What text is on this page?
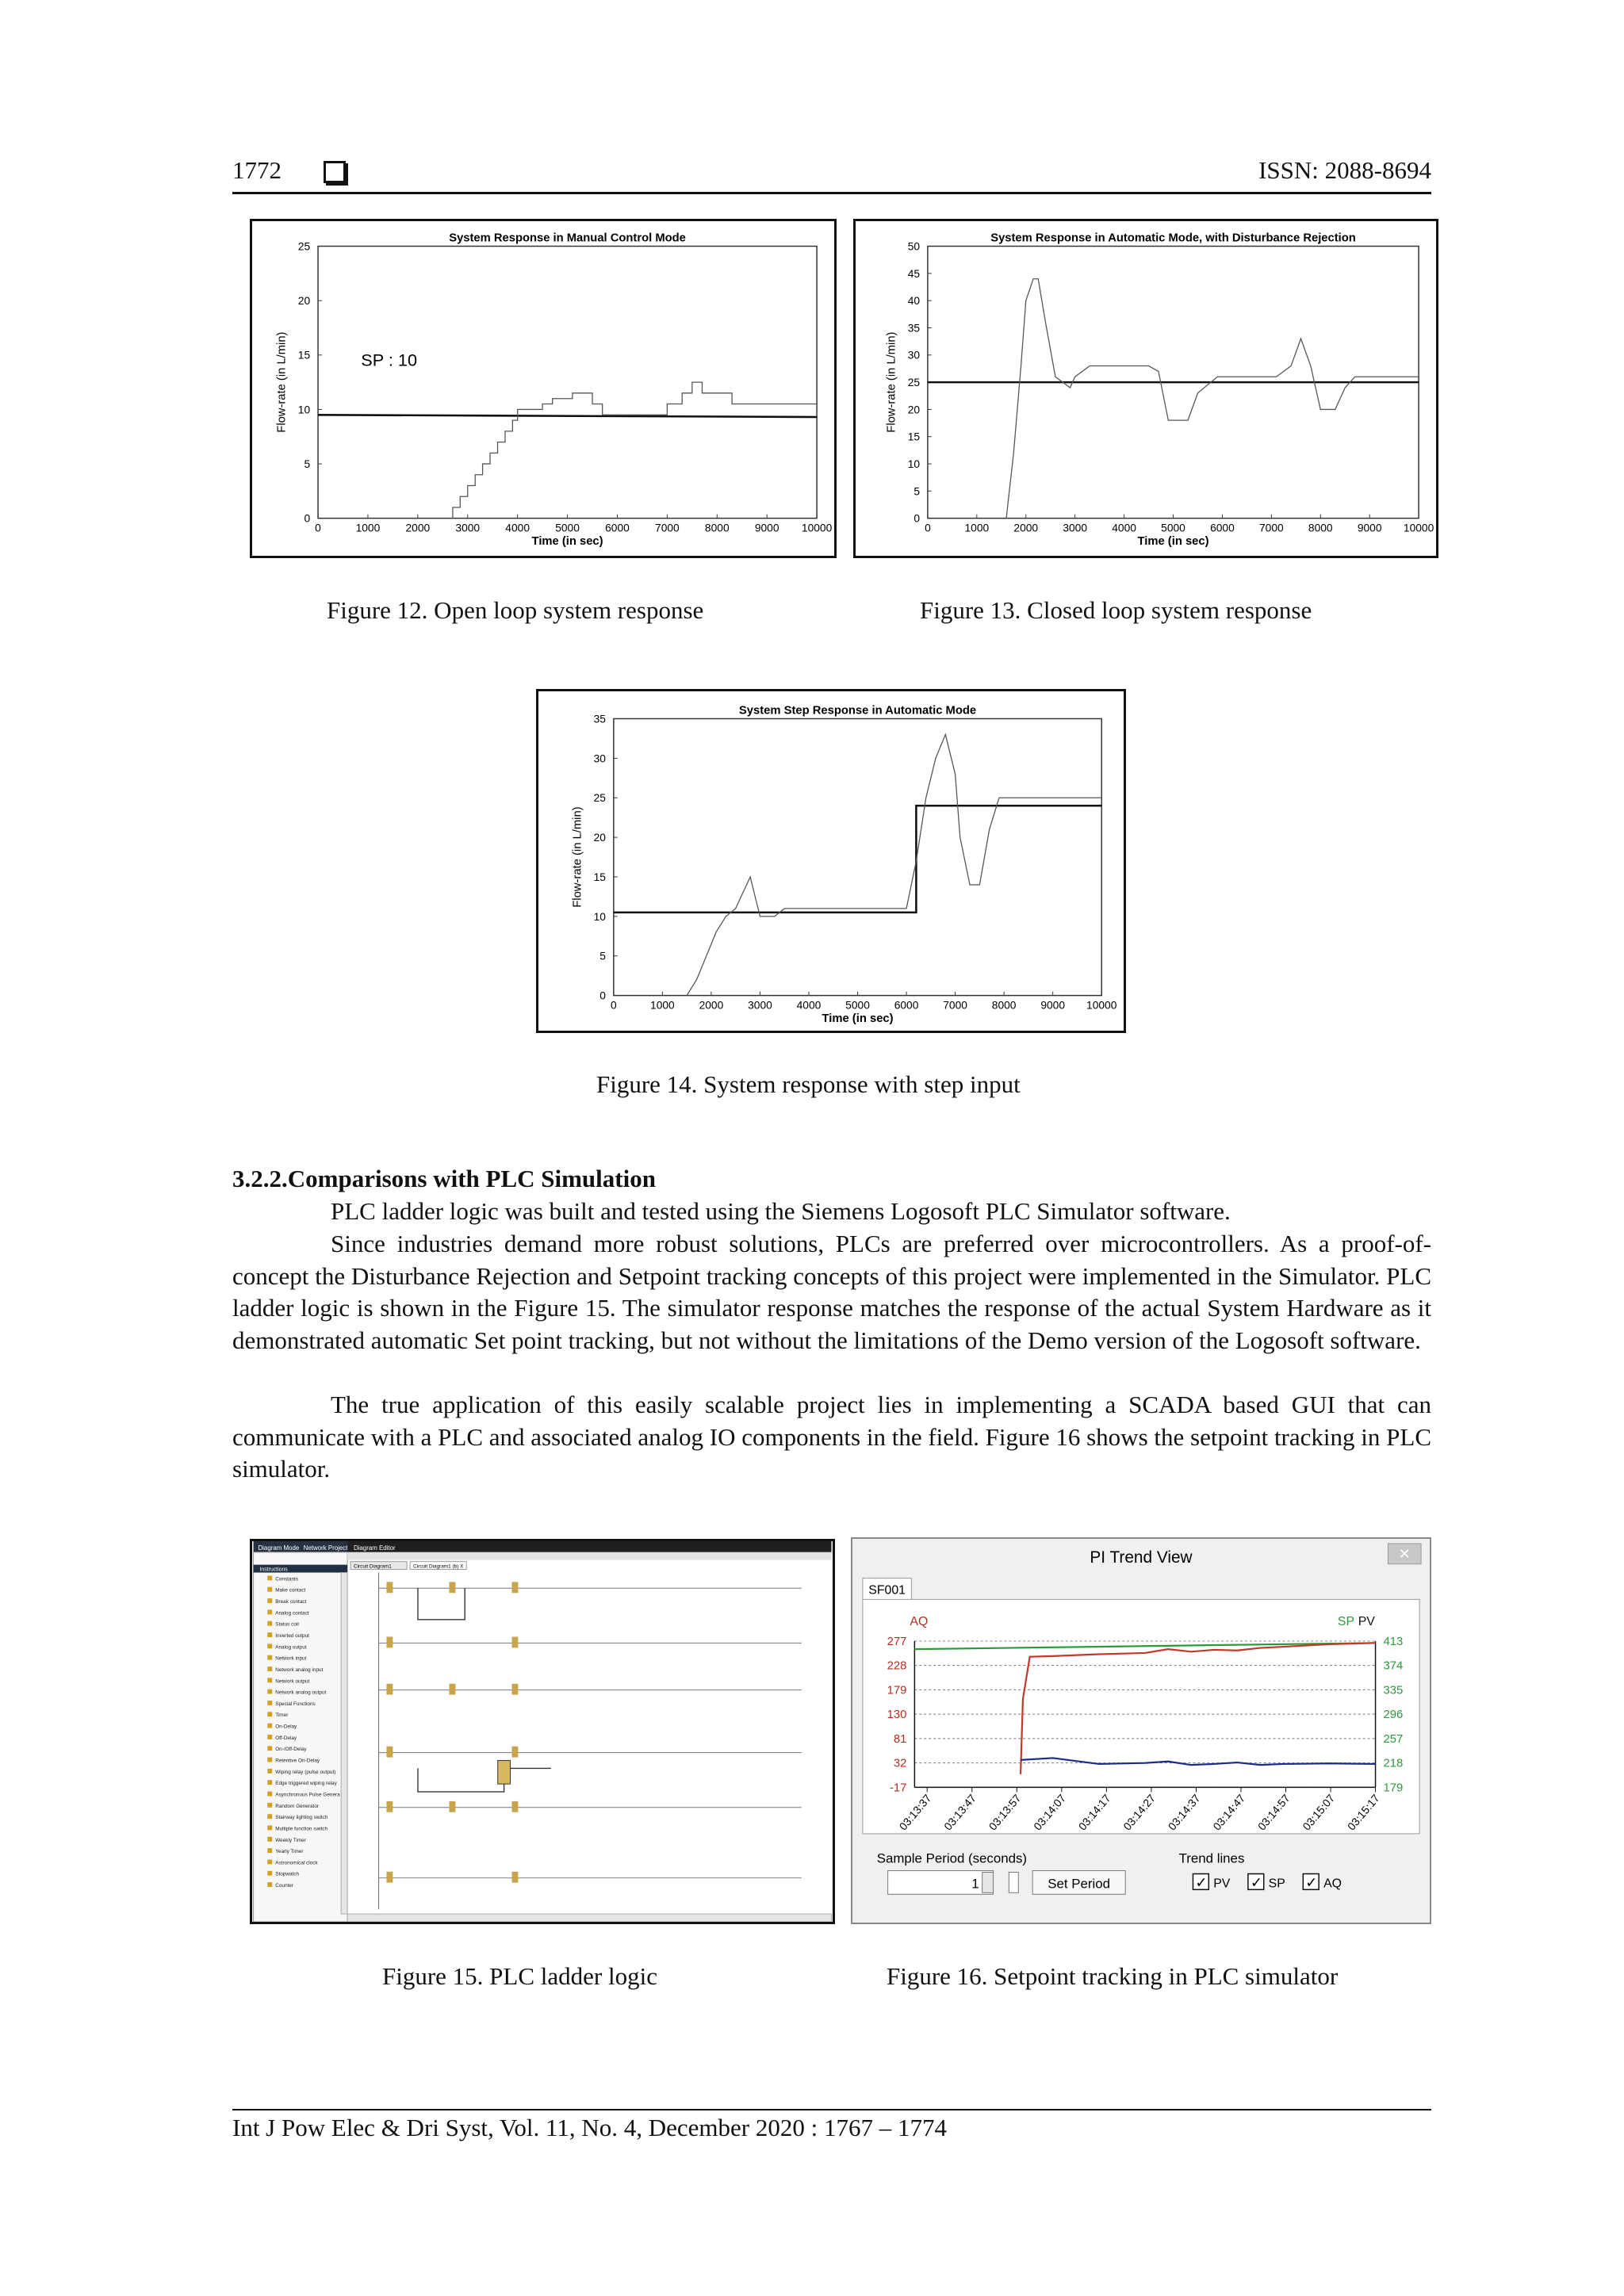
1772	ISSN: 2088-8694
System Response in Manual Control Mode
0	1000 2000 3000 4000 5000 6000 7000 8000 9000 10000
0
5
10
15
20
25
Time (in sec)
Flow-rate (in L/min)	SP : 10
System Response in Automatic Mode, with Disturbance Rejection
0	1000 2000 3000 4000 5000 6000 7000 8000 9000 10000
0
5
10
15
20
25
30
35
40
45
50
Time (in sec)
Flow-rate (in L/min)
Figure 12. Open loop system response	Figure 13. Closed loop system response
System Step Response in Automatic Mode
0	1000 2000 3000 4000 5000 6000 7000 8000 9000 10000
0
5
10
15
20
25
30
35
Time (in sec)
Flow-rate (in L/min)
Figure 14. System response with step input
3.2.2.Comparisons with PLC Simulation
PLC ladder logic was built and tested using the Siemens Logosoft PLC Simulator software.
Since industries demand more robust solutions, PLCs are preferred over microcontrollers. As a proof-of-concept the Disturbance Rejection and Setpoint tracking concepts of this project were implemented in the Simulator. PLC ladder logic is shown in the Figure 15. The simulator response matches the response of the actual System Hardware as it demonstrated automatic Set point tracking, but not without the limitations of the Demo version of the Logosoft software.
The true application of this easily scalable project lies in implementing a SCADA based GUI that can communicate with a PLC and associated analog IO components in the field. Figure 16 shows the setpoint tracking in PLC simulator.
Diagram Mode Network Project Diagram Editor
Instructions
Constants
Make contact
Break contact
Analog contact
Status coil
Inverted output
Analog output
Network input
Network analog input
Network output
Network analog output
Special Functions
Timer
On-Delay
Off-Delay
On-/Off-Delay
Retentive On-Delay
Wiping relay (pulse output)
Edge triggered wiping relay
Asynchronous Pulse Genera
Random Generator
Stairway lighting switch
Multiple function switch
Weekly Timer
Yearly Timer
Astronomical clock
Stopwatch
Counter
Circuit Diagram1	Circuit Diagram1 (b) X
PI Trend View	✕
SF001
AQ	SP PV
277	413
228	374
179	335
130	296
81	257
32	218
-17	179
03:13:37 03:13:47 03:13:57 03:14:07 03:14:17 03:14:27 03:14:37 03:14:47 03:14:57 03:15:07 03:15:17
Sample Period (seconds)	Trend lines
1	Set Period	✓ PV ✓ SP ✓ AQ
Figure 15. PLC ladder logic	Figure 16. Setpoint tracking in PLC simulator
Int J Pow Elec & Dri Syst, Vol. 11, No. 4, December 2020 : 1767 – 1774
